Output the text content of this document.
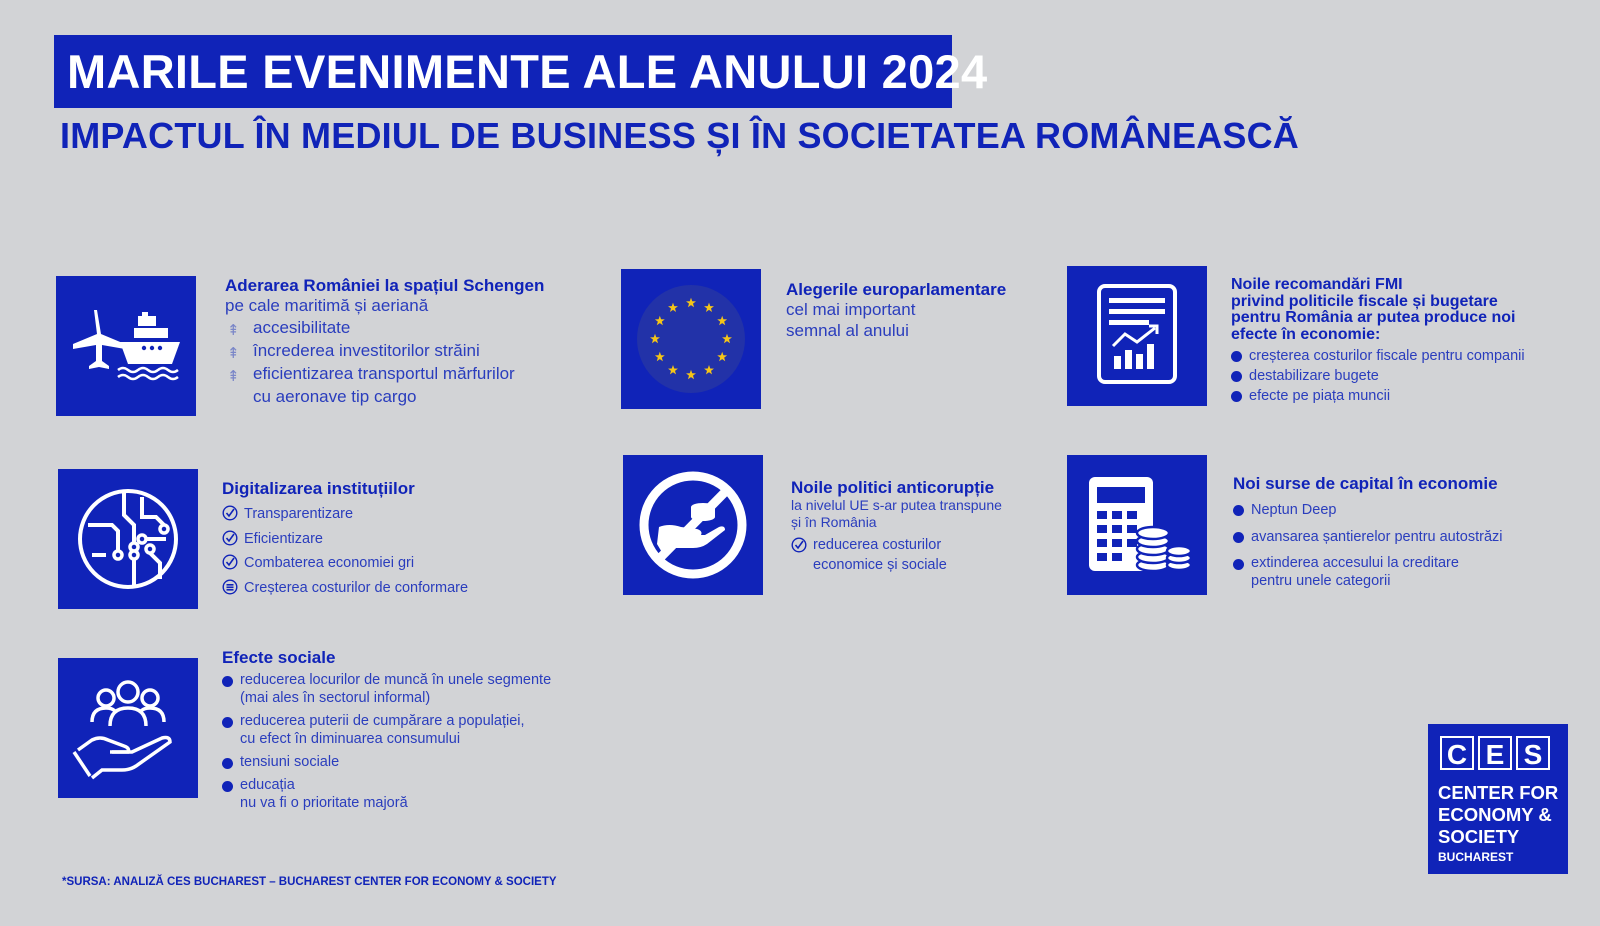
MARILE EVENIMENTE ALE ANULUI 2024
IMPACTUL ÎN MEDIUL DE BUSINESS ȘI ÎN SOCIETATEA ROMÂNEASCĂ
Aderarea României la spațiul Schengen
pe cale maritimă și aeriană
⇞ accesibilitate
⇞ încrederea investitorilor străini
⇞ eficientizarea transportul mărfurilor
cu aeronave tip cargo
Alegerile europarlamentare
cel mai important
semnal al anului
Noile recomandări FMI
privind politicile fiscale și bugetare
pentru România ar putea produce noi
efecte în economie:
creșterea costurilor fiscale pentru companii
destabilizare bugete
efecte pe piața muncii
Digitalizarea instituțiilor
Transparentizare
Eficientizare
Combaterea economiei gri
Creșterea costurilor de conformare
Noile politici anticorupție
la nivelul UE s-ar putea transpune
și în România
reducerea costurilor
economice și sociale
Noi surse de capital în economie
Neptun Deep
avansarea șantierelor pentru autostrăzi
extinderea accesului la creditare
pentru unele categorii
Efecte sociale
reducerea locurilor de muncă în unele segmente
(mai ales în sectorul informal)
reducerea puterii de cumpărare a populației,
cu efect în diminuarea consumului
tensiuni sociale
educația
nu va fi o prioritate majoră
*SURSA: ANALIZĂ CES BUCHAREST – BUCHAREST CENTER FOR ECONOMY & SOCIETY
C E S
CENTER FOR
ECONOMY &
SOCIETY
BUCHAREST
